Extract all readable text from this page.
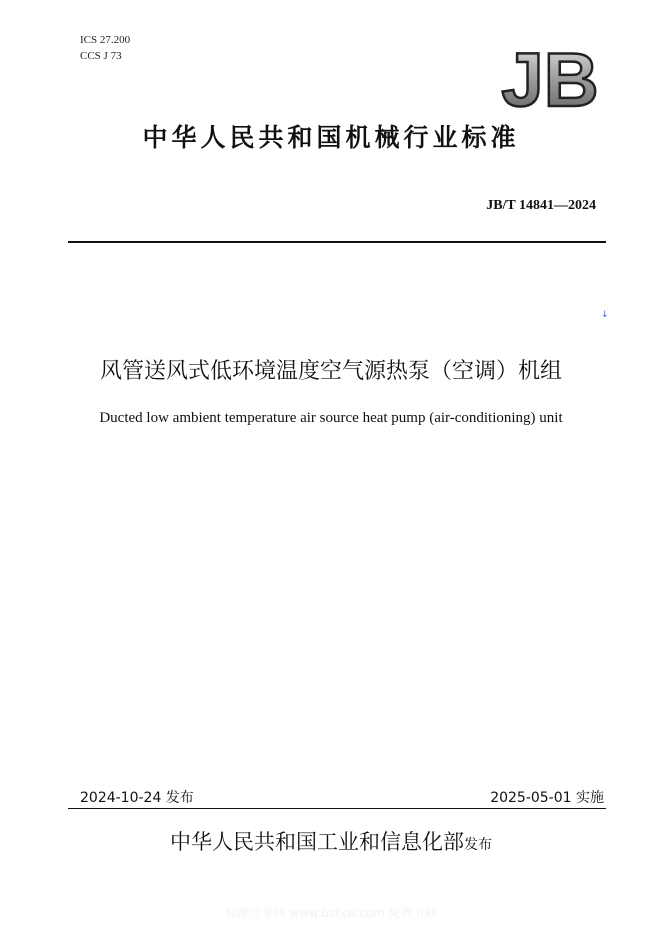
ICS 27.200
CCS J 73	JB
中华人民共和国机械行业标准
JB/T 14841—2024
↓
风管送风式低环境温度空气源热泵（空调）机组
Ducted low ambient temperature air source heat pump (air-conditioning) unit
2024-10-24 发布	2025-05-01 实施
中华人民共和国工业和信息化部发布
标准分享网 www.bzfxw.com 免费下载
